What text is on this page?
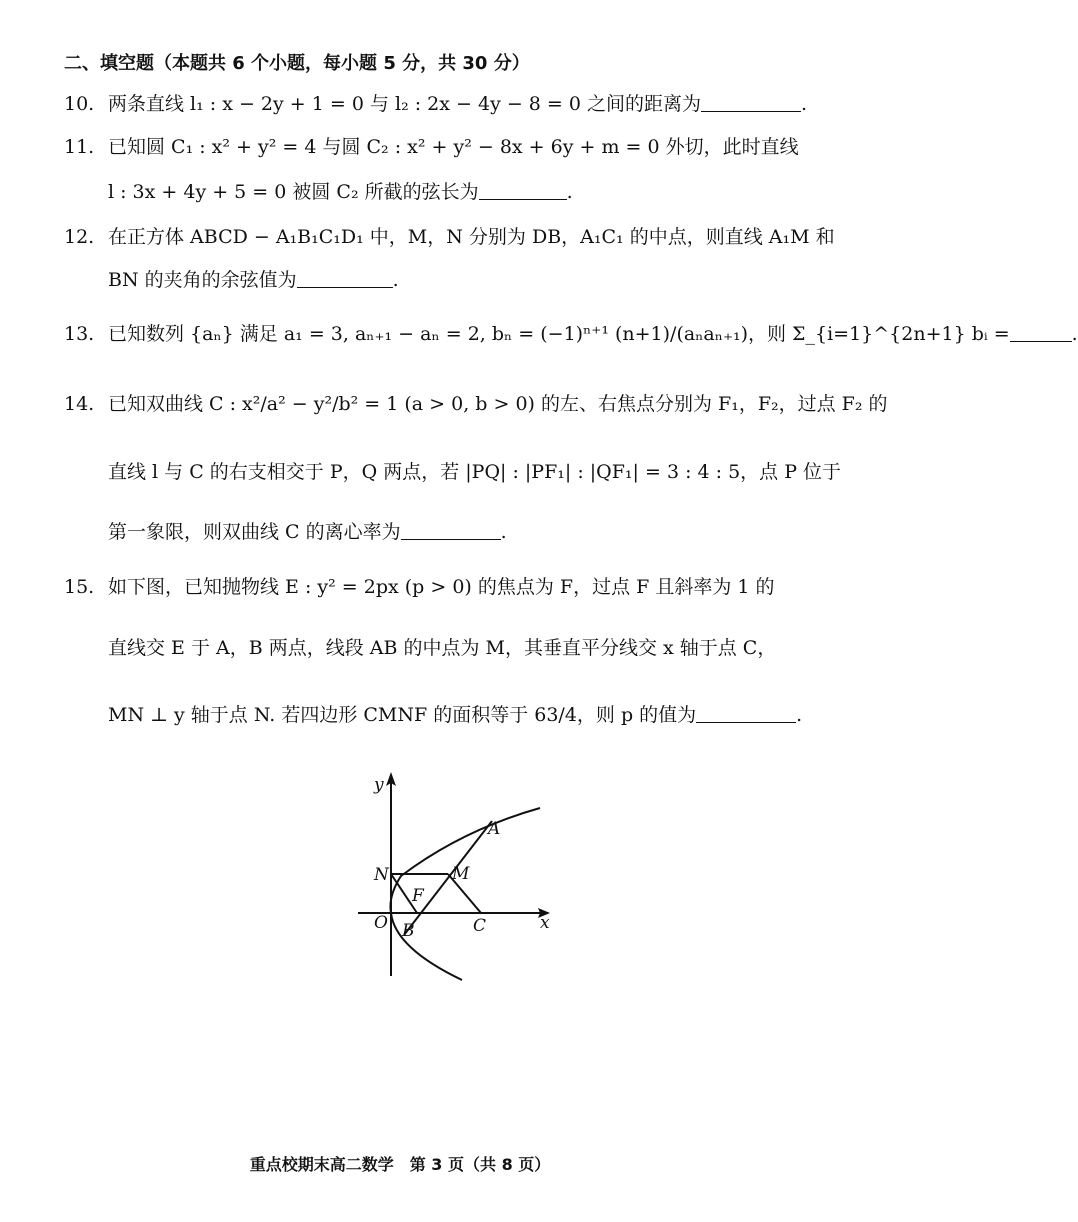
二、填空题（本题共 6 个小题，每小题 5 分，共 30 分）
10. 两条直线 l₁ : x − 2y + 1 = 0 与 l₂ : 2x − 4y − 8 = 0 之间的距离为	.
11. 已知圆 C₁ : x² + y² = 4 与圆 C₂ : x² + y² − 8x + 6y + m = 0 外切，此时直线
l : 3x + 4y + 5 = 0 被圆 C₂ 所截的弦长为	.
12. 在正方体 ABCD − A₁B₁C₁D₁ 中，M，N 分别为 DB，A₁C₁ 的中点，则直线 A₁M 和
BN 的夹角的余弦值为	.
13. 已知数列 {aₙ} 满足 a₁ = 3, aₙ₊₁ − aₙ = 2, bₙ = (−1)ⁿ⁺¹ (n+1)/(aₙaₙ₊₁)，则 Σ_{i=1}^{2n+1} bᵢ =	.
14. 已知双曲线 C : x²/a² − y²/b² = 1 (a > 0, b > 0) 的左、右焦点分别为 F₁，F₂，过点 F₂ 的
直线 l 与 C 的右支相交于 P，Q 两点，若 |PQ| : |PF₁| : |QF₁| = 3 : 4 : 5，点 P 位于
第一象限，则双曲线 C 的离心率为	.
15. 如下图，已知抛物线 E : y² = 2px (p > 0) 的焦点为 F，过点 F 且斜率为 1 的
直线交 E 于 A，B 两点，线段 AB 的中点为 M，其垂直平分线交 x 轴于点 C，
MN ⊥ y 轴于点 N. 若四边形 CMNF 的面积等于 63/4，则 p 的值为	.
y
x
O
A
B	C
F
M
N
重点校期末高二数学　第 3 页（共 8 页）
